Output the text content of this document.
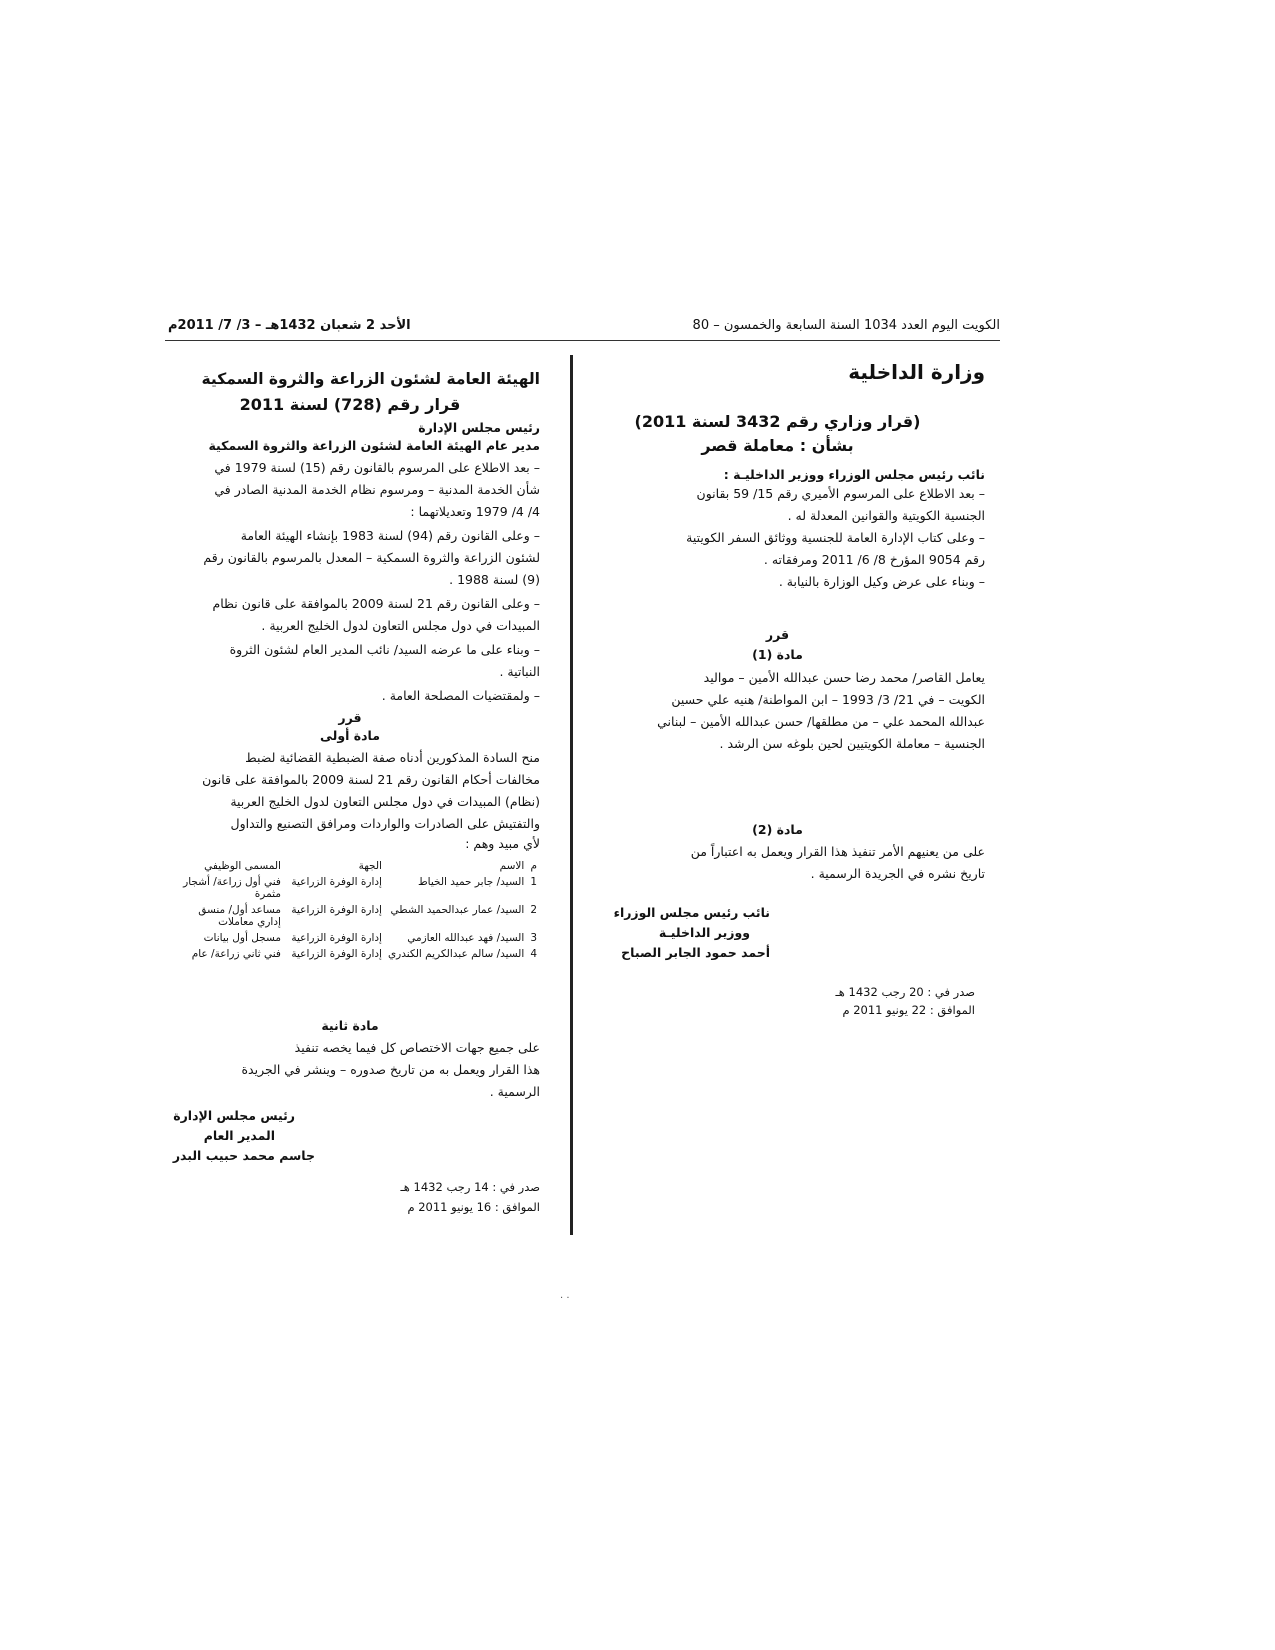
الكويت اليوم العدد 1034 السنة السابعة والخمسون – 80
الأحد 2 شعبان 1432هـ – 3/ 7/ 2011م
وزارة الداخلية
(قرار وزاري رقم 3432 لسنة 2011)
بشأن : معاملة قصر
نائب رئيس مجلس الوزراء ووزير الداخليـة :
– بعد الاطلاع على المرسوم الأميري رقم 15/ 59 بقانون
الجنسية الكويتية والقوانين المعدلة له .
– وعلى كتاب الإدارة العامة للجنسية ووثائق السفر الكويتية
رقم 9054 المؤرخ 8/ 6/ 2011 ومرفقاته .
– وبناء على عرض وكيل الوزارة بالنيابة .
قرر
مادة (1)
يعامل القاصر/ محمد رضا حسن عبدالله الأمين – مواليد
الكويت – في 21/ 3/ 1993 – ابن المواطنة/ هنيه علي حسين
عبدالله المحمد علي – من مطلقها/ حسن عبدالله الأمين – لبناني
الجنسية – معاملة الكويتيين لحين بلوغه سن الرشد .
مادة (2)
على من يعنيهم الأمر تنفيذ هذا القرار ويعمل به اعتباراً من
تاريخ نشره في الجريدة الرسمية .
نائب رئيس مجلس الوزراء
ووزير الداخليـة
أحمد حمود الجابر الصباح
صدر في : 20 رجب 1432 هـ
الموافق : 22 يونيو 2011 م
الهيئة العامة لشئون الزراعة والثروة السمكية
قرار رقم (728) لسنة 2011
رئيس مجلس الإدارة
مدير عام الهيئة العامة لشئون الزراعة والثروة السمكية
– بعد الاطلاع على المرسوم بالقانون رقم (15) لسنة 1979 في
شأن الخدمة المدنية – ومرسوم نظام الخدمة المدنية الصادر في
4/ 4/ 1979 وتعديلاتهما :
– وعلى القانون رقم (94) لسنة 1983 بإنشاء الهيئة العامة
لشئون الزراعة والثروة السمكية – المعدل بالمرسوم بالقانون رقم
(9) لسنة 1988 .
– وعلى القانون رقم 21 لسنة 2009 بالموافقة على قانون نظام
المبيدات في دول مجلس التعاون لدول الخليج العربية .
– وبناء على ما عرضه السيد/ نائب المدير العام لشئون الثروة
النباتية .
– ولمقتضيات المصلحة العامة .
قرر
مادة أولى
منح السادة المذكورين أدناه صفة الضبطية القضائية لضبط
مخالفات أحكام القانون رقم 21 لسنة 2009 بالموافقة على قانون
(نظام) المبيدات في دول مجلس التعاون لدول الخليج العربية
والتفتيش على الصادرات والواردات ومرافق التصنيع والتداول
لأي مبيد وهم :
م	الاسم	الجهة	المسمى الوظيفي
1	السيد/ جابر حميد الخياط	إدارة الوفرة الزراعية	فني أول زراعة/ أشجار مثمرة
2	السيد/ عمار عبدالحميد الشطي	إدارة الوفرة الزراعية	مساعد أول/ منسق إداري معاملات
3	السيد/ فهد عبدالله العازمي	إدارة الوفرة الزراعية	مسجل أول بيانات
4	السيد/ سالم عبدالكريم الكندري	إدارة الوفرة الزراعية	فني ثاني زراعة/ عام
مادة ثانية
على جميع جهات الاختصاص كل فيما يخصه تنفيذ
هذا القرار ويعمل به من تاريخ صدوره – وينشر في الجريدة
الرسمية .
رئيس مجلس الإدارة
المدير العام
جاسم محمد حبيب البدر
صدر في : 14 رجب 1432 هـ
الموافق : 16 يونيو 2011 م
. .
